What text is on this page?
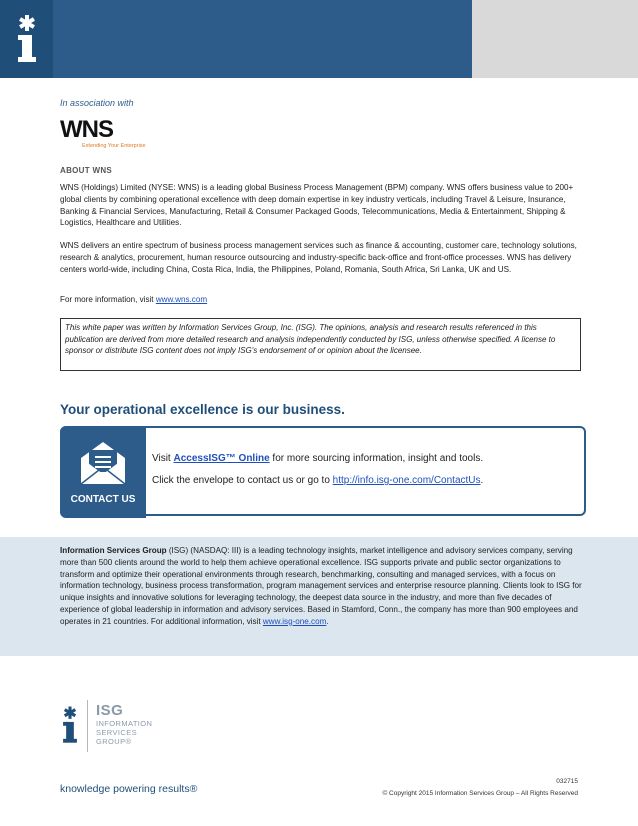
In association with
WNS
Extending Your Enterprise
ABOUT WNS
WNS (Holdings) Limited (NYSE: WNS) is a leading global Business Process Management (BPM) company. WNS offers business value to 200+ global clients by combining operational excellence with deep domain expertise in key industry verticals, including Travel & Leisure, Insurance, Banking & Financial Services, Manufacturing, Retail & Consumer Packaged Goods, Telecommunications, Media & Entertainment, Shipping & Logistics, Healthcare and Utilities.
WNS delivers an entire spectrum of business process management services such as finance & accounting, customer care, technology solutions, research & analytics, procurement, human resource outsourcing and industry-specific back-office and front-office processes. WNS has delivery centers world-wide, including China, Costa Rica, India, the Philippines, Poland, Romania, South Africa, Sri Lanka, UK and US.
For more information, visit www.wns.com
This white paper was written by Information Services Group, Inc. (ISG). The opinions, analysis and research results referenced in this publication are derived from more detailed research and analysis independently conducted by ISG, unless otherwise specified. A license to sponsor or distribute ISG content does not imply ISG's endorsement of or opinion about the licensee.
Your operational excellence is our business.
CONTACT US
Visit AccessISG™ Online for more sourcing information, insight and tools.
Click the envelope to contact us or go to http://info.isg-one.com/ContactUs.
Information Services Group (ISG) (NASDAQ: III) is a leading technology insights, market intelligence and advisory services company, serving more than 500 clients around the world to help them achieve operational excellence. ISG supports private and public sector organizations to transform and optimize their operational environments through research, benchmarking, consulting and managed services, with a focus on information technology, business process transformation, program management services and enterprise resource planning. Clients look to ISG for unique insights and innovative solutions for leveraging technology, the deepest data source in the industry, and more than five decades of experience of global leadership in information and advisory services. Based in Stamford, Conn., the company has more than 900 employees and operates in 21 countries. For additional information, visit www.isg-one.com.
ISG
INFORMATION
SERVICES
GROUP®
knowledge powering results®
032715
© Copyright 2015 Information Services Group – All Rights Reserved
